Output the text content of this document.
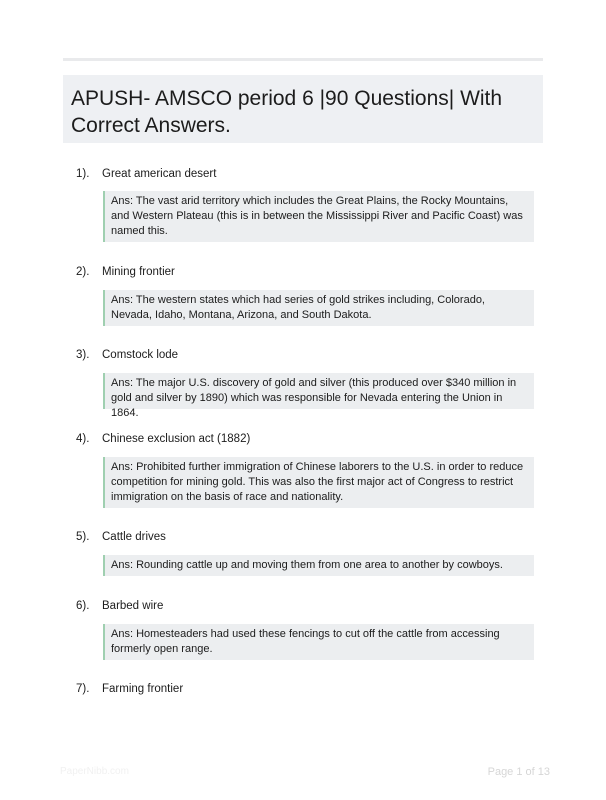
APUSH- AMSCO period 6 |90 Questions| With Correct Answers.
1). Great american desert
Ans: The vast arid territory which includes the Great Plains, the Rocky Mountains, and Western Plateau (this is in between the Mississippi River and Pacific Coast) was named this.
2). Mining frontier
Ans: The western states which had series of gold strikes including, Colorado, Nevada, Idaho, Montana, Arizona, and South Dakota.
3). Comstock lode
Ans: The major U.S. discovery of gold and silver (this produced over $340 million in gold and silver by 1890) which was responsible for Nevada entering the Union in 1864.
4). Chinese exclusion act (1882)
Ans: Prohibited further immigration of Chinese laborers to the U.S. in order to reduce competition for mining gold. This was also the first major act of Congress to restrict immigration on the basis of race and nationality.
5). Cattle drives
Ans: Rounding cattle up and moving them from one area to another by cowboys.
6). Barbed wire
Ans: Homesteaders had used these fencings to cut off the cattle from accessing formerly open range.
7). Farming frontier
PaperNibb.com	Page 1 of 13
